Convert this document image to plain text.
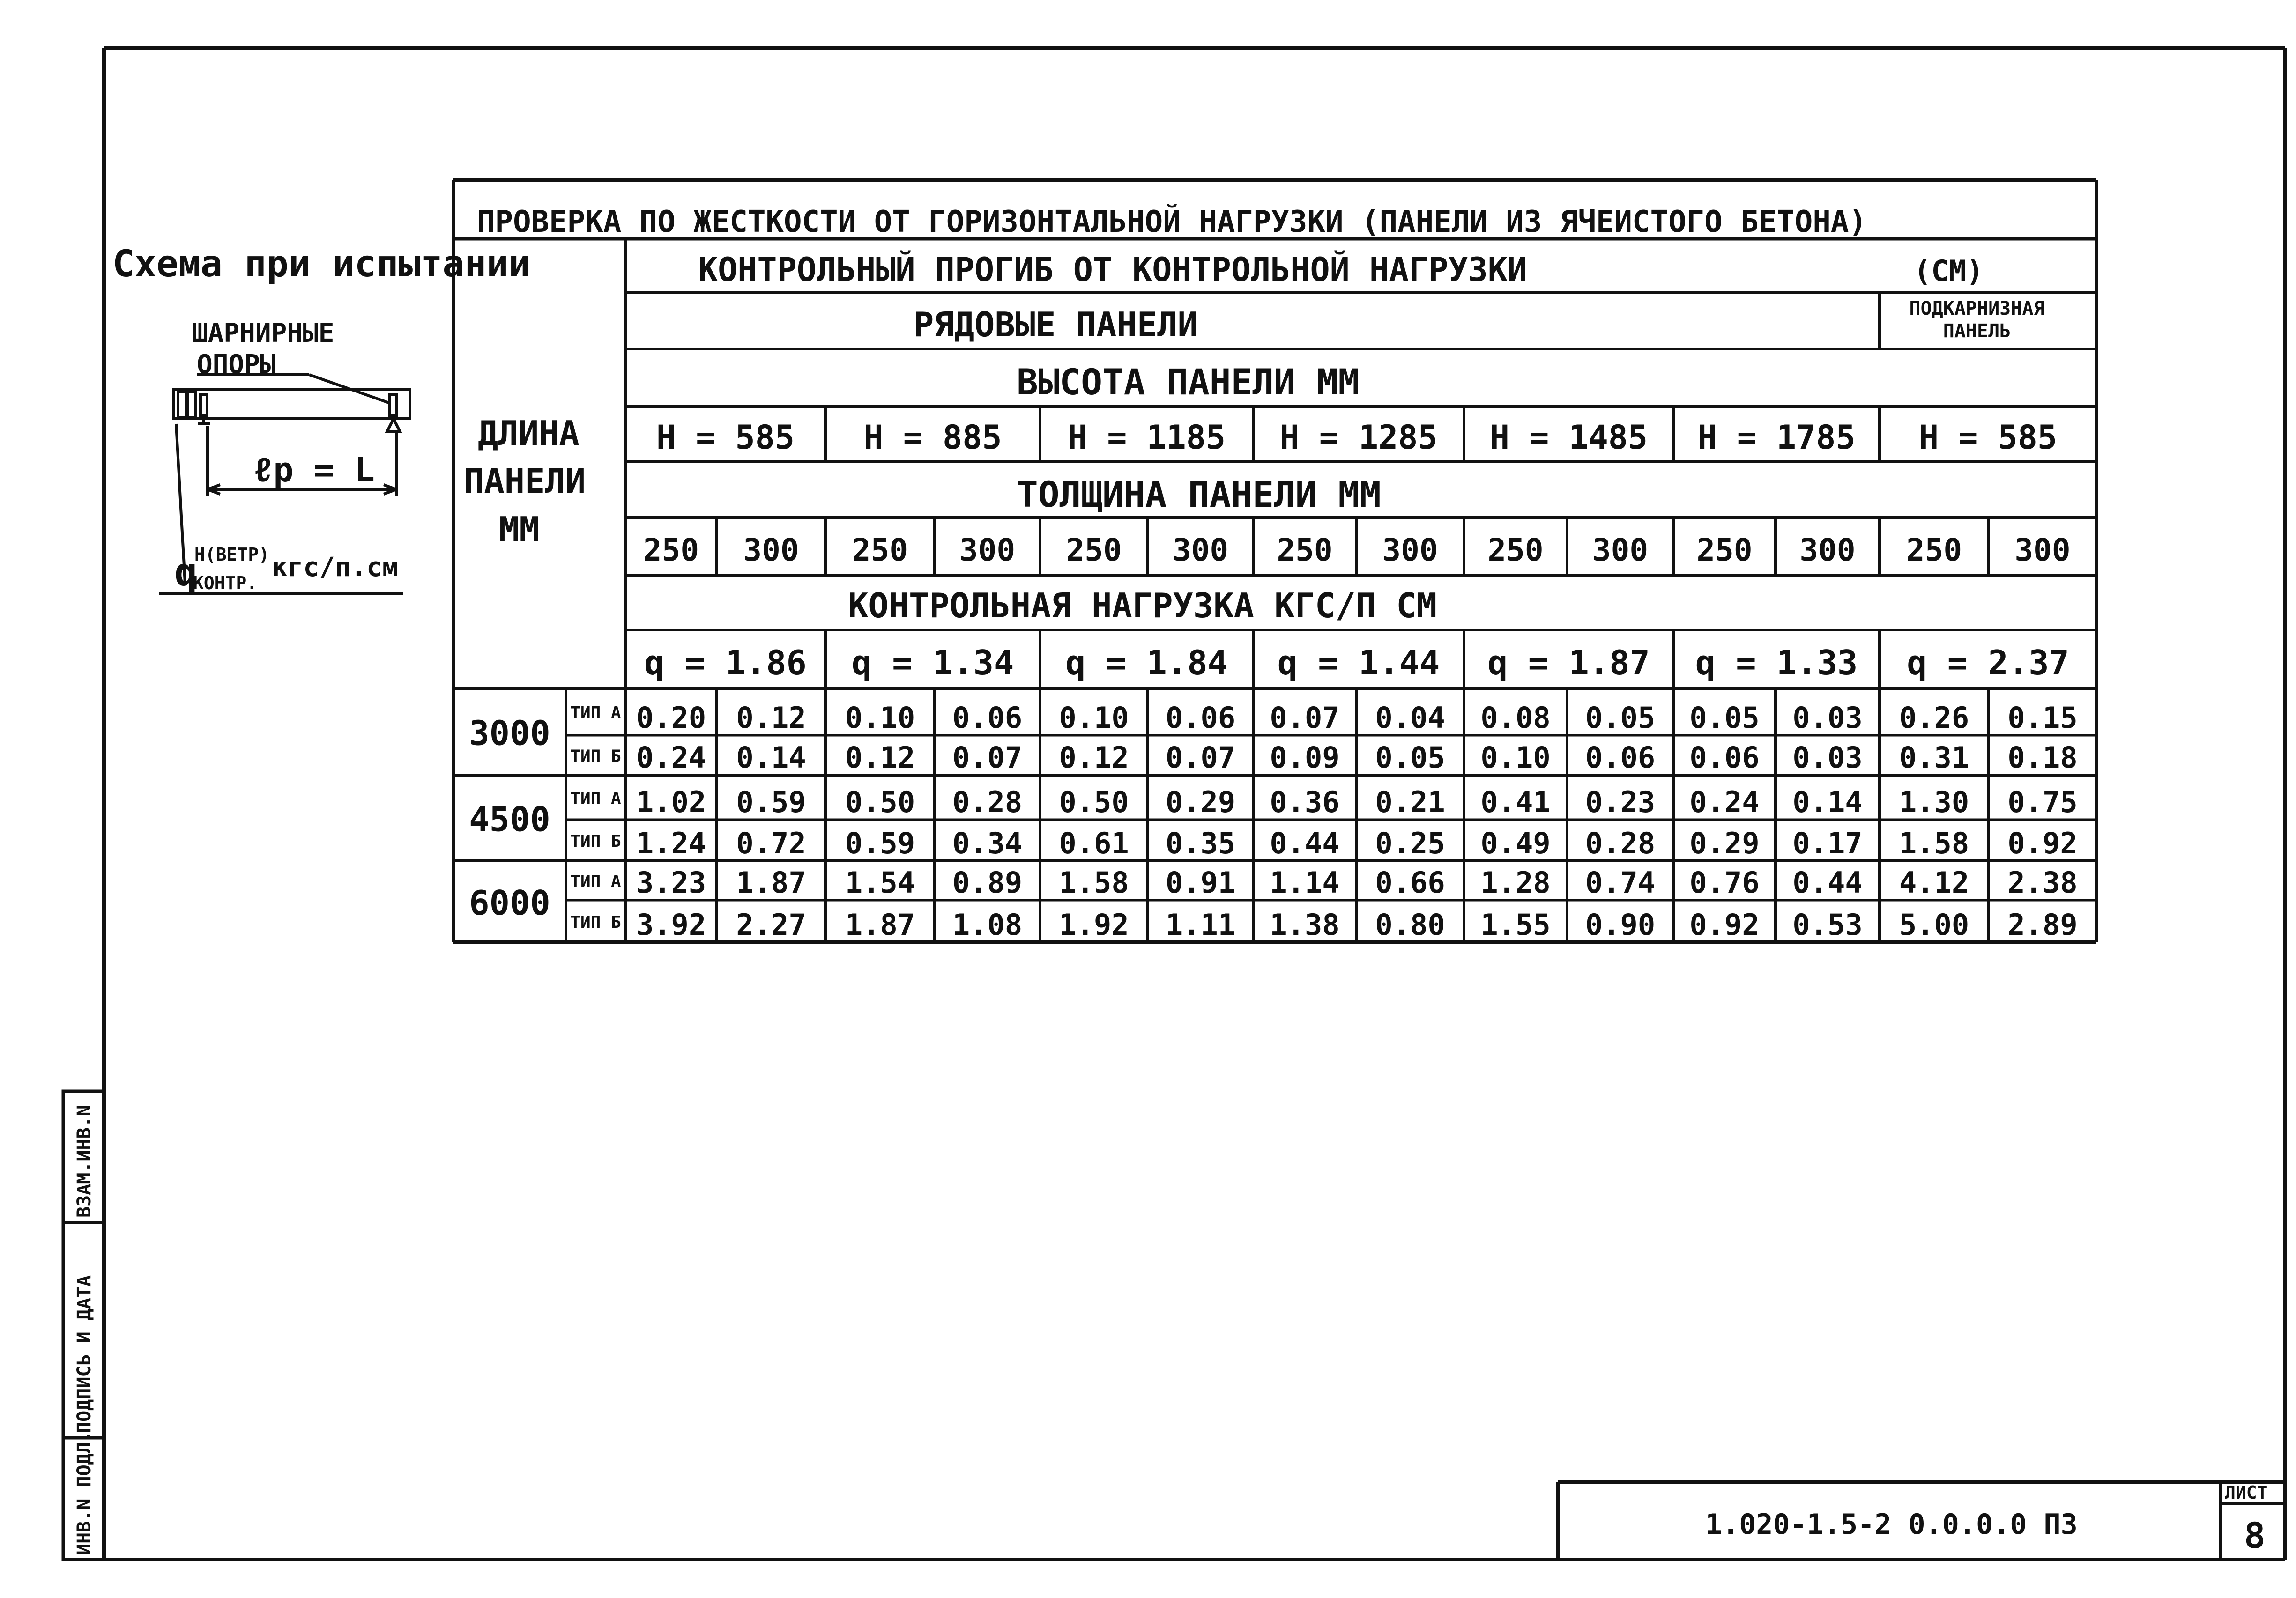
ИНВ.N ПОДЛ.
ПОДПИСЬ И ДАТА
ВЗАМ.ИНВ.N
Схема при испытании
ШАРНИРНЫЕ
ОПОРЫ
ℓр = L
q
Н(ВЕТР)
КОНТР.
кгс/п.см
Н = 585 Н = 885 Н = 1185 Н = 1285 Н = 1485 Н = 1785 Н = 585
250 300 250 300 250 300 250 300 250 300 250 300 250 300
q = 1.86 q = 1.34 q = 1.84 q = 1.44 q = 1.87 q = 1.33 q = 2.37
3000
ТИП А 0.20 0.12 0.10 0.06 0.10 0.06 0.07 0.04 0.08 0.05 0.05 0.03 0.26 0.15
ТИП Б 0.24 0.14 0.12 0.07 0.12 0.07 0.09 0.05 0.10 0.06 0.06 0.03 0.31 0.18
4500
ТИП А 1.02 0.59 0.50 0.28 0.50 0.29 0.36 0.21 0.41 0.23 0.24 0.14 1.30 0.75
ТИП Б 1.24 0.72 0.59 0.34 0.61 0.35 0.44 0.25 0.49 0.28 0.29 0.17 1.58 0.92
6000
ТИП А 3.23 1.87 1.54 0.89 1.58 0.91 1.14 0.66 1.28 0.74 0.76 0.44 4.12 2.38
ТИП Б 3.92 2.27 1.87 1.08 1.92 1.11 1.38 0.80 1.55 0.90 0.92 0.53 5.00 2.89
ПРОВЕРКА ПО ЖЕСТКОСТИ ОТ ГОРИЗОНТАЛЬНОЙ НАГРУЗКИ (ПАНЕЛИ ИЗ ЯЧЕИСТОГО БЕТОНА)
КОНТРОЛЬНЫЙ ПРОГИБ ОТ КОНТРОЛЬНОЙ НАГРУЗКИ	(СМ)
РЯДОВЫЕ ПАНЕЛИ	ПОДКАРНИЗНАЯ
ПАНЕЛЬ
ВЫСОТА ПАНЕЛИ ММ
ТОЛЩИНА ПАНЕЛИ ММ
КОНТРОЛЬНАЯ НАГРУЗКА КГС/П СМ
ДЛИНА
ПАНЕЛИ
ММ
1.020-1.5-2 0.0.0.0 ПЗ
ЛИСТ
8
